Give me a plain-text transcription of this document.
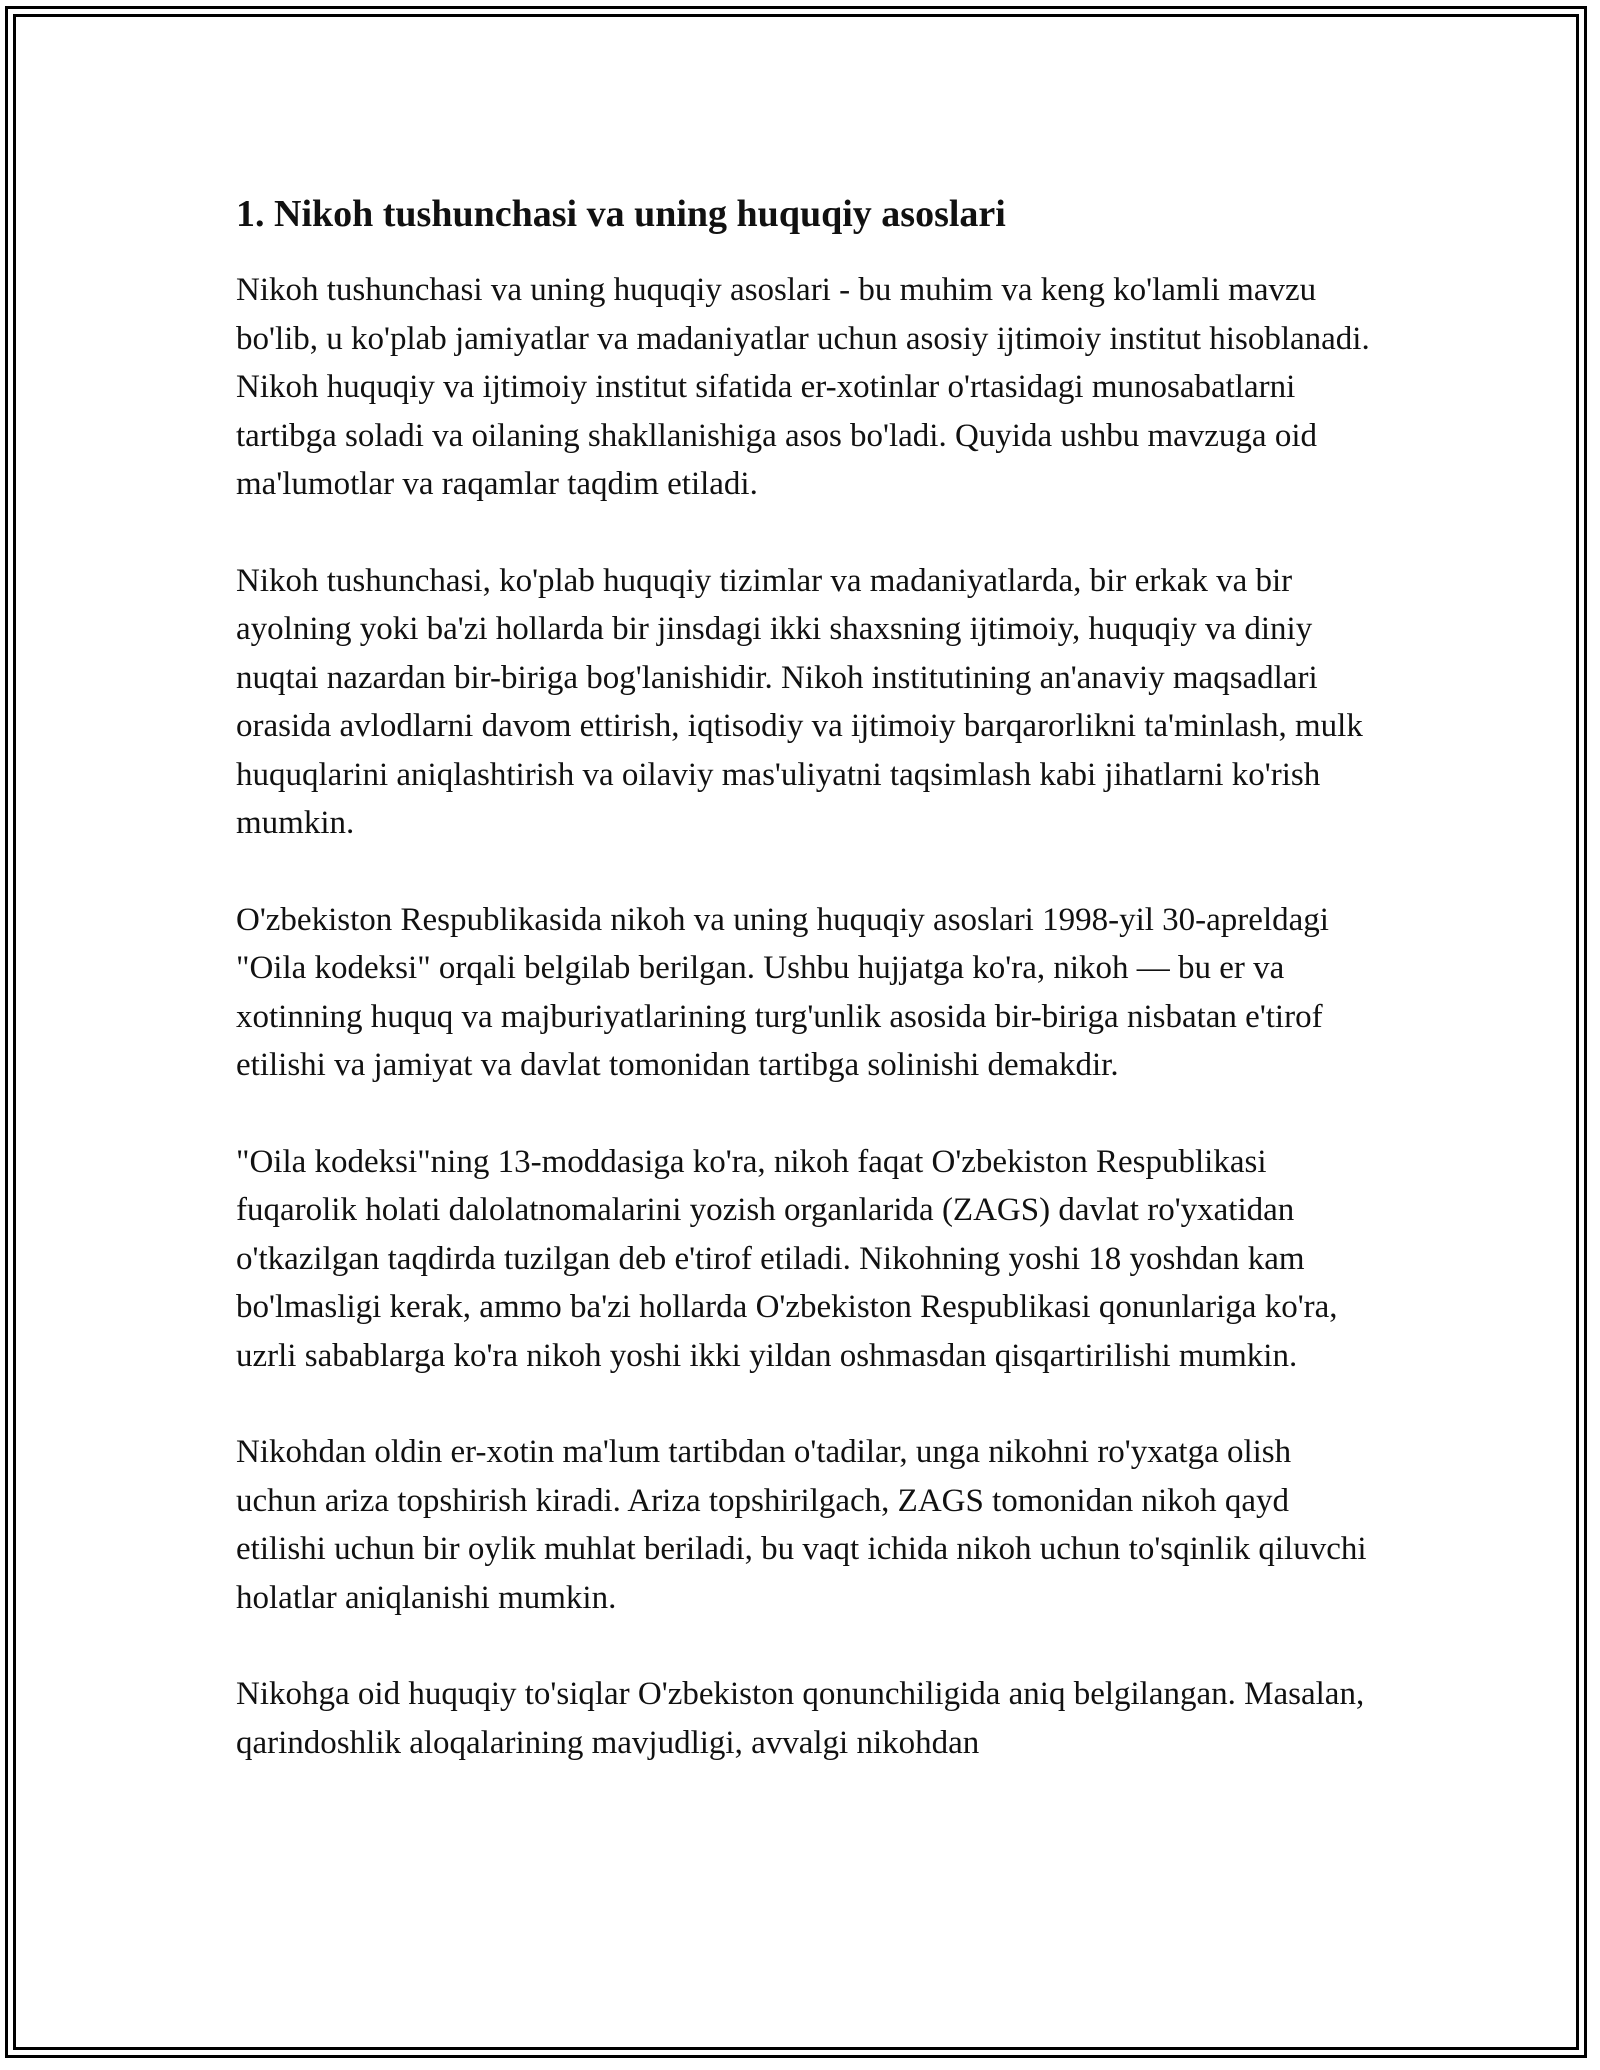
1. Nikoh tushunchasi va uning huquqiy asoslari

Nikoh tushunchasi va uning huquqiy asoslari - bu muhim va keng ko'lamli mavzu bo'lib, u ko'plab jamiyatlar va madaniyatlar uchun asosiy ijtimoiy institut hisoblanadi. Nikoh huquqiy va ijtimoiy institut sifatida er-xotinlar o'rtasidagi munosabatlarni tartibga soladi va oilaning shakllanishiga asos bo'ladi. Quyida ushbu mavzuga oid ma'lumotlar va raqamlar taqdim etiladi.

Nikoh tushunchasi, ko'plab huquqiy tizimlar va madaniyatlarda, bir erkak va bir ayolning yoki ba'zi hollarda bir jinsdagi ikki shaxsning ijtimoiy, huquqiy va diniy nuqtai nazardan bir-biriga bog'lanishidir. Nikoh institutining an'anaviy maqsadlari orasida avlodlarni davom ettirish, iqtisodiy va ijtimoiy barqarorlikni ta'minlash, mulk huquqlarini aniqlashtirish va oilaviy mas'uliyatni taqsimlash kabi jihatlarni ko'rish mumkin.

O'zbekiston Respublikasida nikoh va uning huquqiy asoslari 1998-yil 30-apreldagi "Oila kodeksi" orqali belgilab berilgan. Ushbu hujjatga ko'ra, nikoh — bu er va xotinning huquq va majburiyatlarining turg'unlik asosida bir-biriga nisbatan e'tirof etilishi va jamiyat va davlat tomonidan tartibga solinishi demakdir.

"Oila kodeksi"ning 13-moddasiga ko'ra, nikoh faqat O'zbekiston Respublikasi fuqarolik holati dalolatnomalarini yozish organlarida (ZAGS) davlat ro'yxatidan o'tkazilgan taqdirda tuzilgan deb e'tirof etiladi. Nikohning yoshi 18 yoshdan kam bo'lmasligi kerak, ammo ba'zi hollarda O'zbekiston Respublikasi qonunlariga ko'ra, uzrli sabablarga ko'ra nikoh yoshi ikki yildan oshmasdan qisqartirilishi mumkin.

Nikohdan oldin er-xotin ma'lum tartibdan o'tadilar, unga nikohni ro'yxatga olish uchun ariza topshirish kiradi. Ariza topshirilgach, ZAGS tomonidan nikoh qayd etilishi uchun bir oylik muhlat beriladi, bu vaqt ichida nikoh uchun to'sqinlik qiluvchi holatlar aniqlanishi mumkin.

Nikohga oid huquqiy to'siqlar O'zbekiston qonunchiligida aniq belgilangan. Masalan, qarindoshlik aloqalarining mavjudligi, avvalgi nikohdan
